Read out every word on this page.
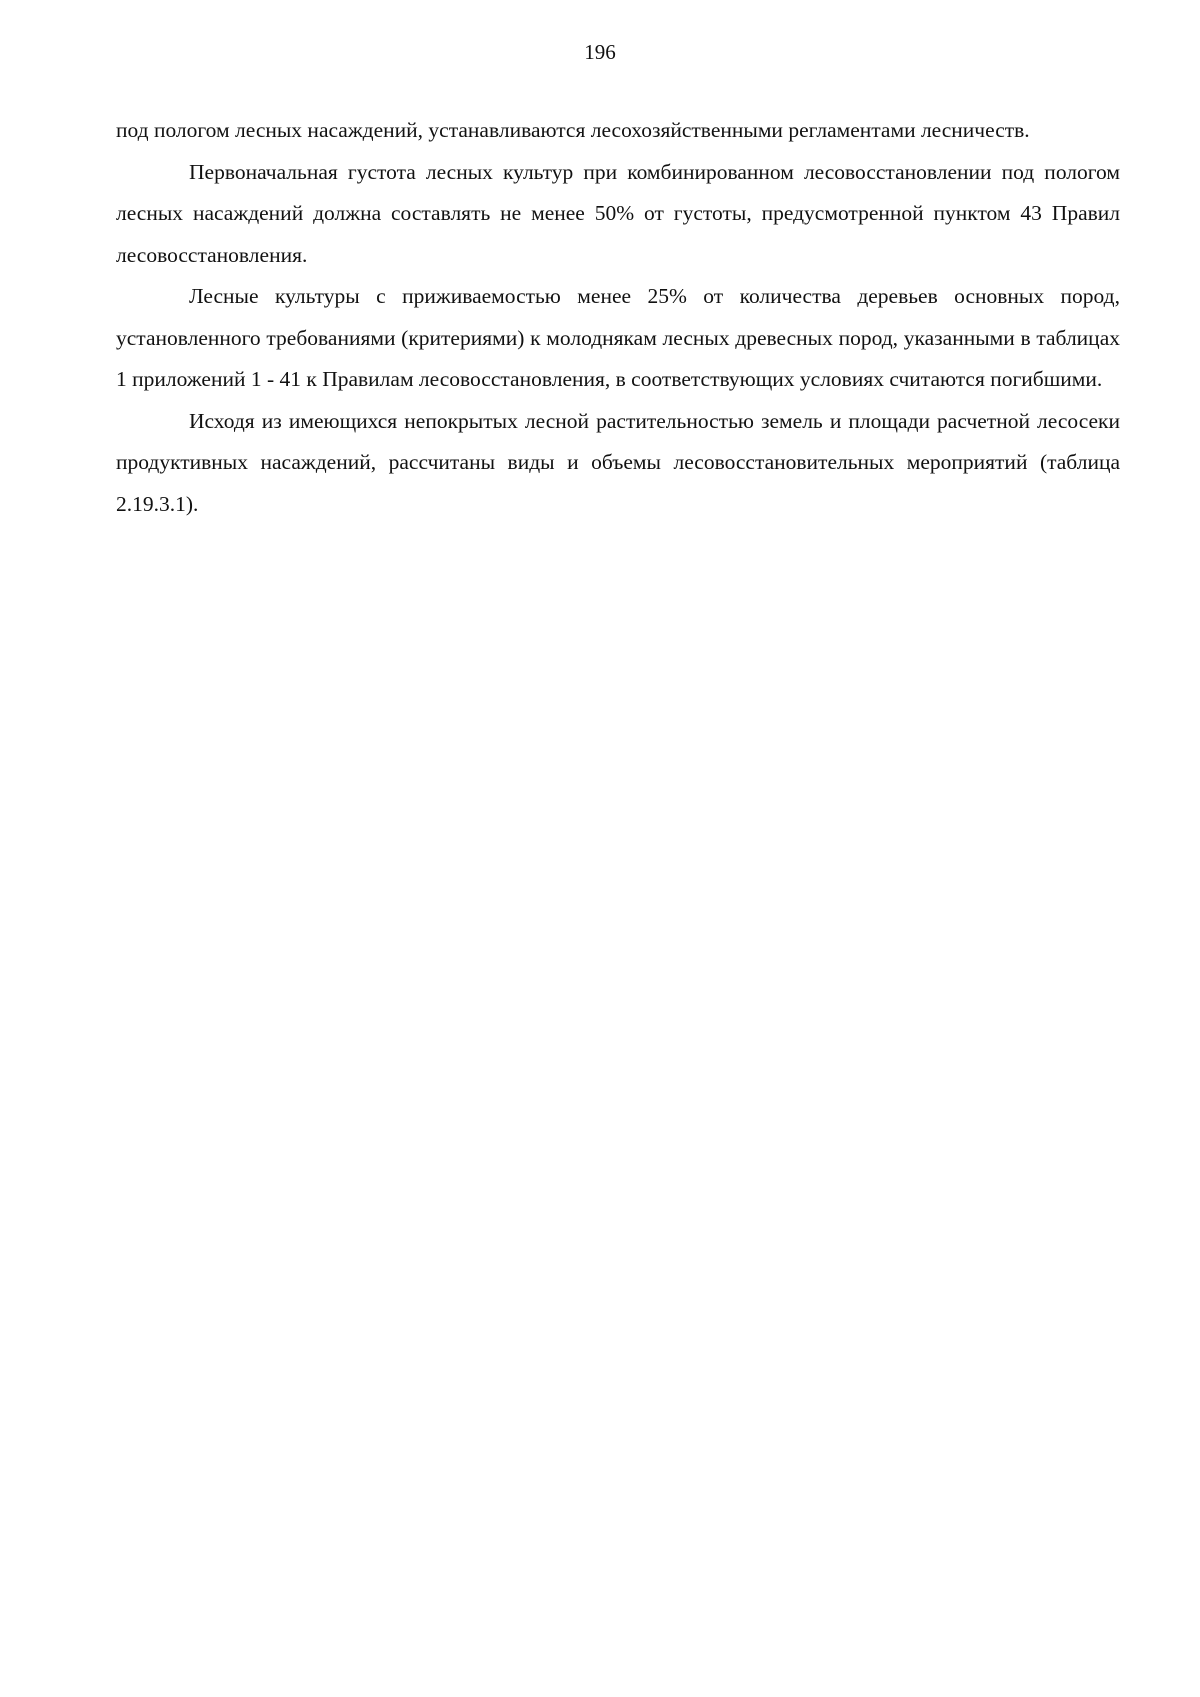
196

под пологом лесных насаждений, устанавливаются лесохозяйственными регламентами лесничеств.

Первоначальная густота лесных культур при комбинированном лесовосстановлении под пологом лесных насаждений должна составлять не менее 50% от густоты, предусмотренной пунктом 43 Правил лесовосстановления.

Лесные культуры с приживаемостью менее 25% от количества деревьев основных пород, установленного требованиями (критериями) к молоднякам лесных древесных пород, указанными в таблицах 1 приложений 1 - 41 к Правилам лесовосстановления, в соответствующих условиях считаются погибшими.

Исходя из имеющихся непокрытых лесной растительностью земель и площади расчетной лесосеки продуктивных насаждений, рассчитаны виды и объемы лесовосстановительных мероприятий (таблица 2.19.3.1).
